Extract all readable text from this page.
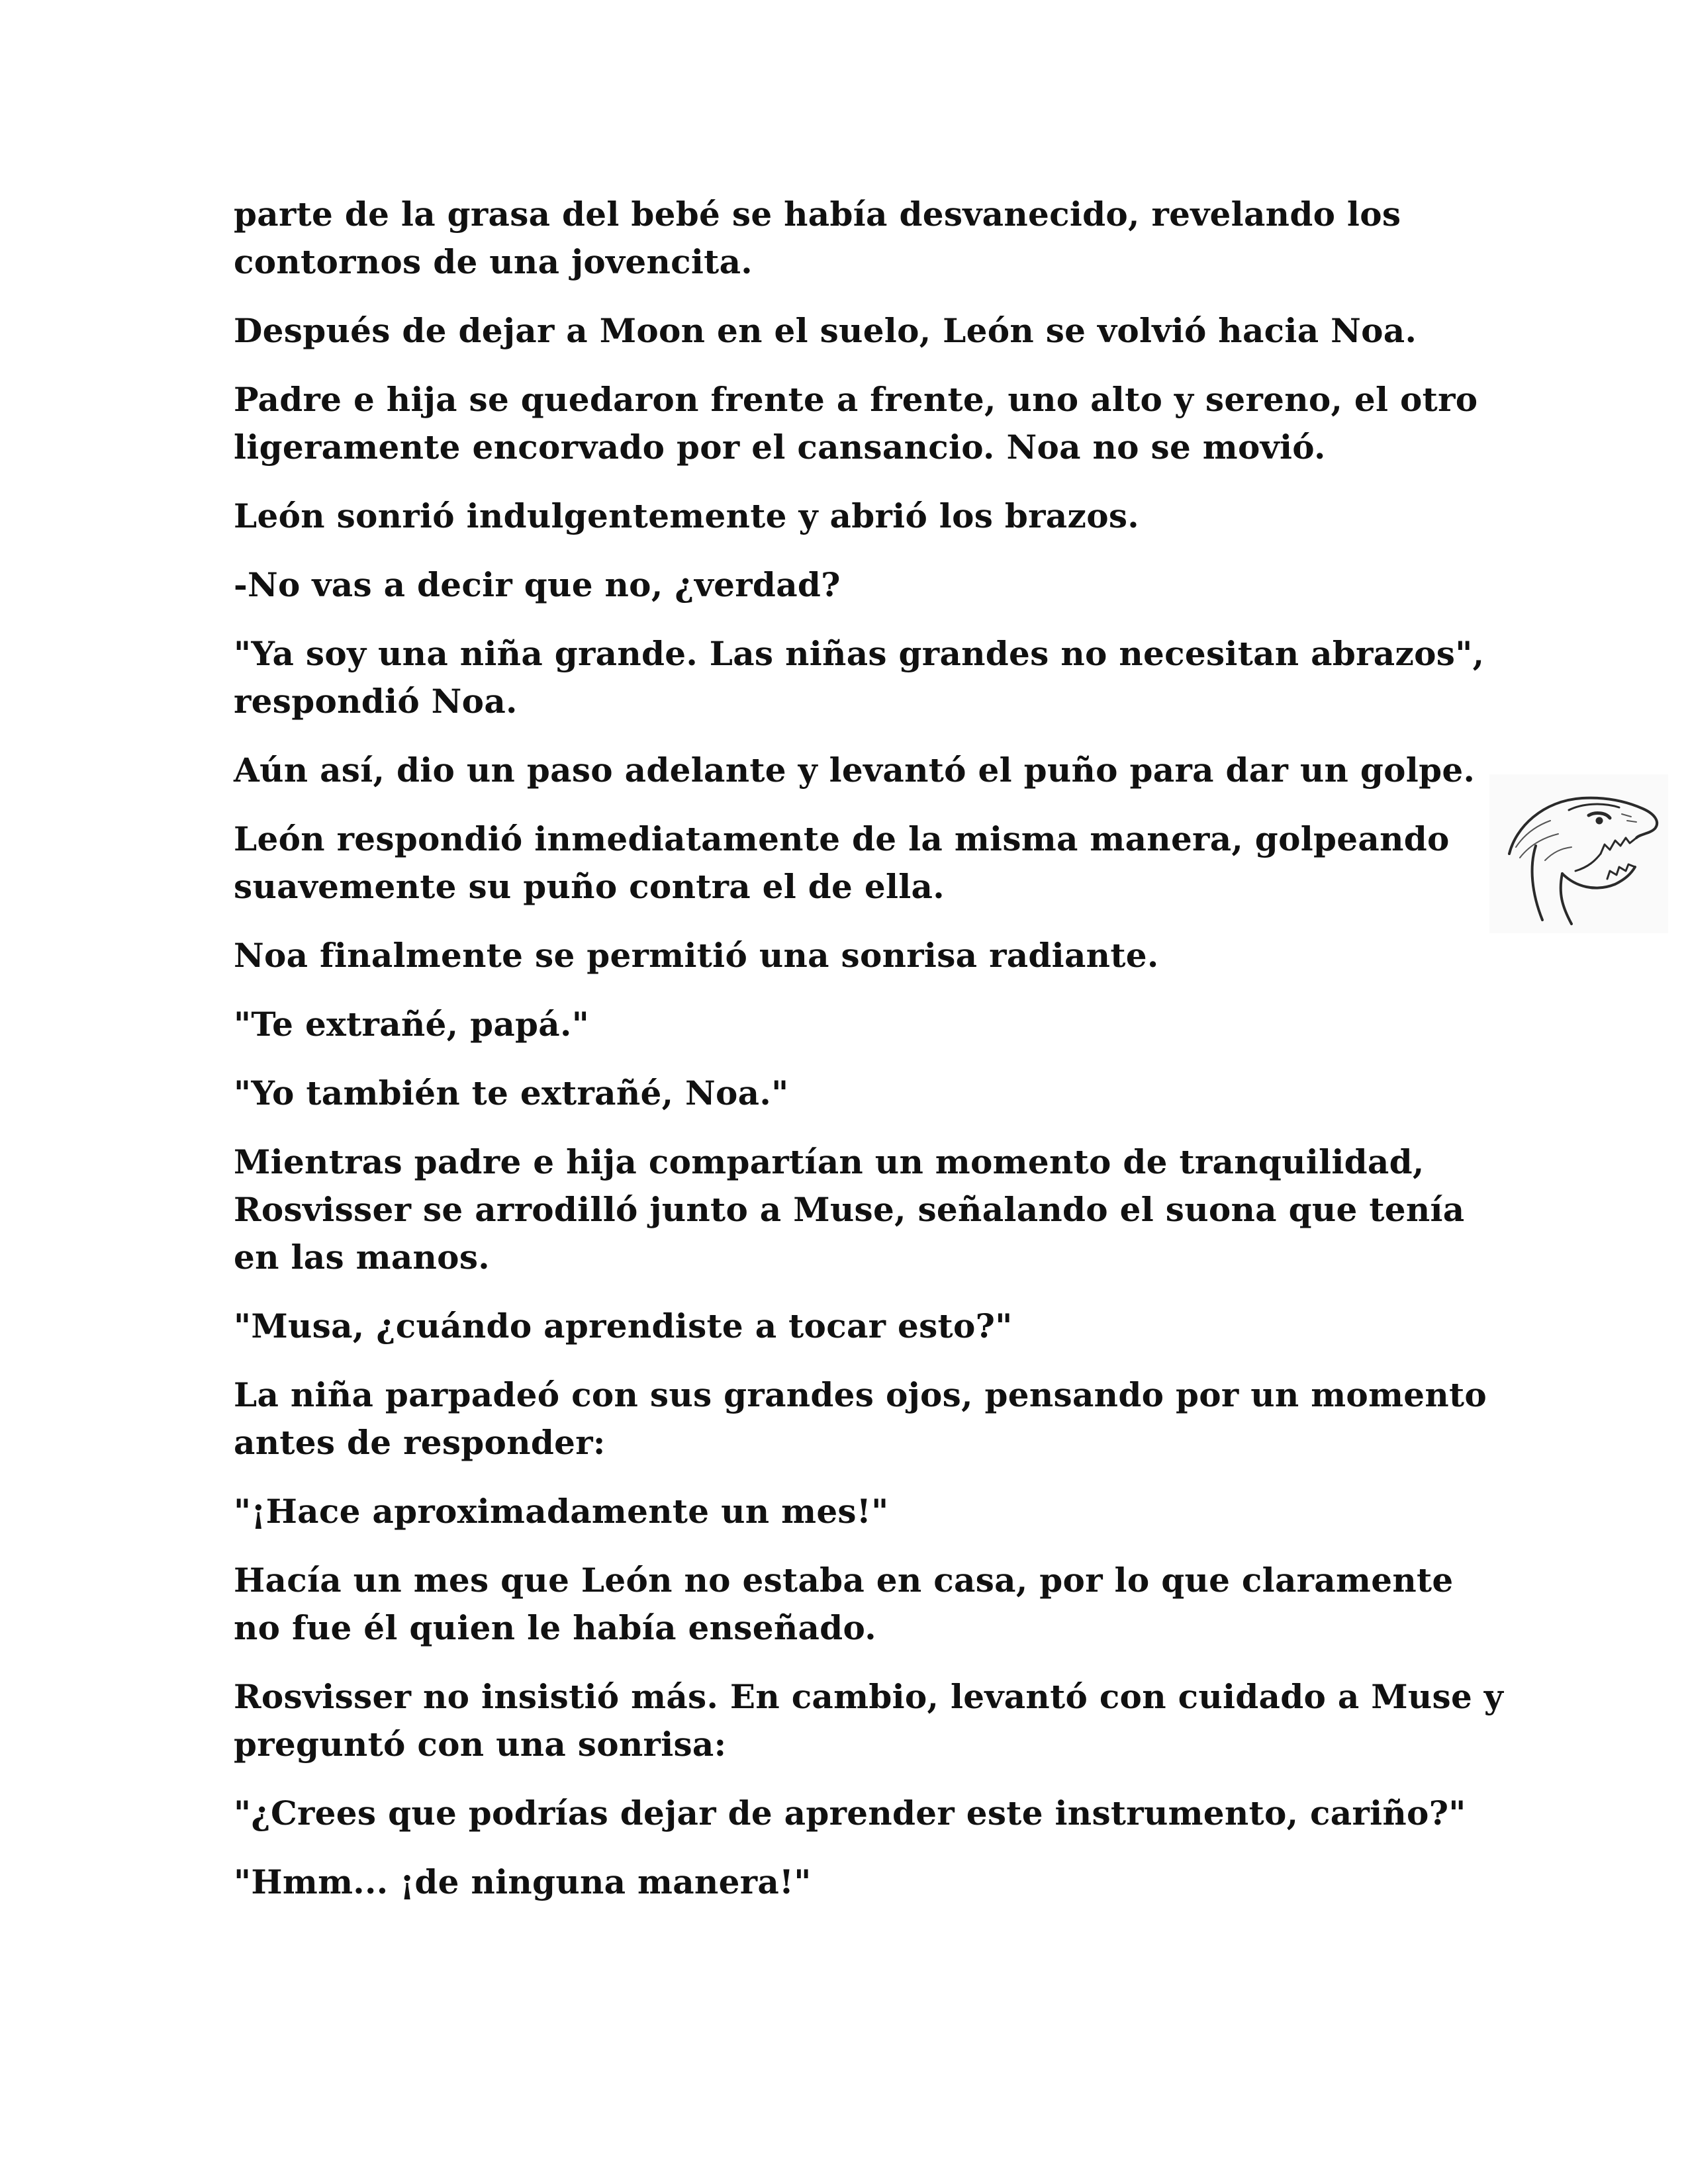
parte de la grasa del bebé se había desvanecido, revelando los contornos de una jovencita.

Después de dejar a Moon en el suelo, León se volvió hacia Noa.

Padre e hija se quedaron frente a frente, uno alto y sereno, el otro ligeramente encorvado por el cansancio. Noa no se movió.

León sonrió indulgentemente y abrió los brazos.

-No vas a decir que no, ¿verdad?

"Ya soy una niña grande. Las niñas grandes no necesitan abrazos", respondió Noa.

Aún así, dio un paso adelante y levantó el puño para dar un golpe.

León respondió inmediatamente de la misma manera, golpeando suavemente su puño contra el de ella.

Noa finalmente se permitió una sonrisa radiante.

"Te extrañé, papá."

"Yo también te extrañé, Noa."

Mientras padre e hija compartían un momento de tranquilidad, Rosvisser se arrodilló junto a Muse, señalando el suona que tenía en las manos.

"Musa, ¿cuándo aprendiste a tocar esto?"

La niña parpadeó con sus grandes ojos, pensando por un momento antes de responder:

"¡Hace aproximadamente un mes!"

Hacía un mes que León no estaba en casa, por lo que claramente no fue él quien le había enseñado.

Rosvisser no insistió más. En cambio, levantó con cuidado a Muse y preguntó con una sonrisa:

"¿Crees que podrías dejar de aprender este instrumento, cariño?"

"Hmm... ¡de ninguna manera!"
